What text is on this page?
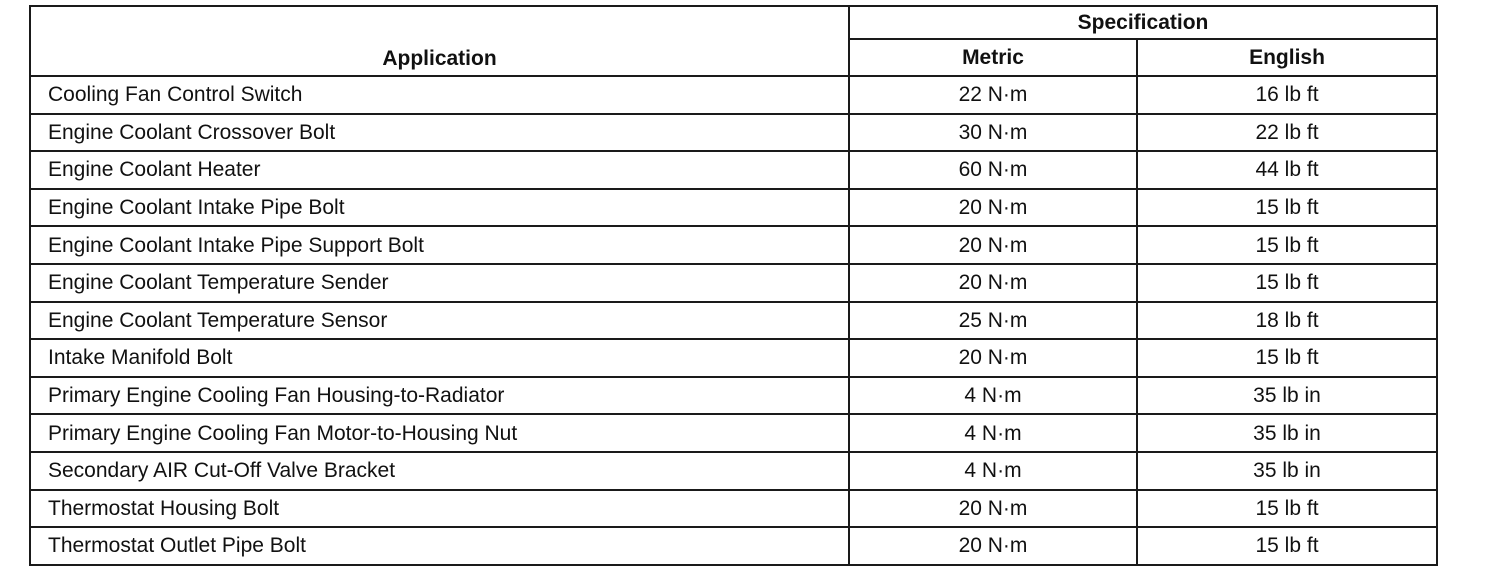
Application	Specification	
	Metric	English
Cooling Fan Control Switch	22 N·m	16 lb ft
Engine Coolant Crossover Bolt	30 N·m	22 lb ft
Engine Coolant Heater	60 N·m	44 lb ft
Engine Coolant Intake Pipe Bolt	20 N·m	15 lb ft
Engine Coolant Intake Pipe Support Bolt	20 N·m	15 lb ft
Engine Coolant Temperature Sender	20 N·m	15 lb ft
Engine Coolant Temperature Sensor	25 N·m	18 lb ft
Intake Manifold Bolt	20 N·m	15 lb ft
Primary Engine Cooling Fan Housing-to-Radiator	4 N·m	35 lb in
Primary Engine Cooling Fan Motor-to-Housing Nut	4 N·m	35 lb in
Secondary AIR Cut-Off Valve Bracket	4 N·m	35 lb in
Thermostat Housing Bolt	20 N·m	15 lb ft
Thermostat Outlet Pipe Bolt	20 N·m	15 lb ft
